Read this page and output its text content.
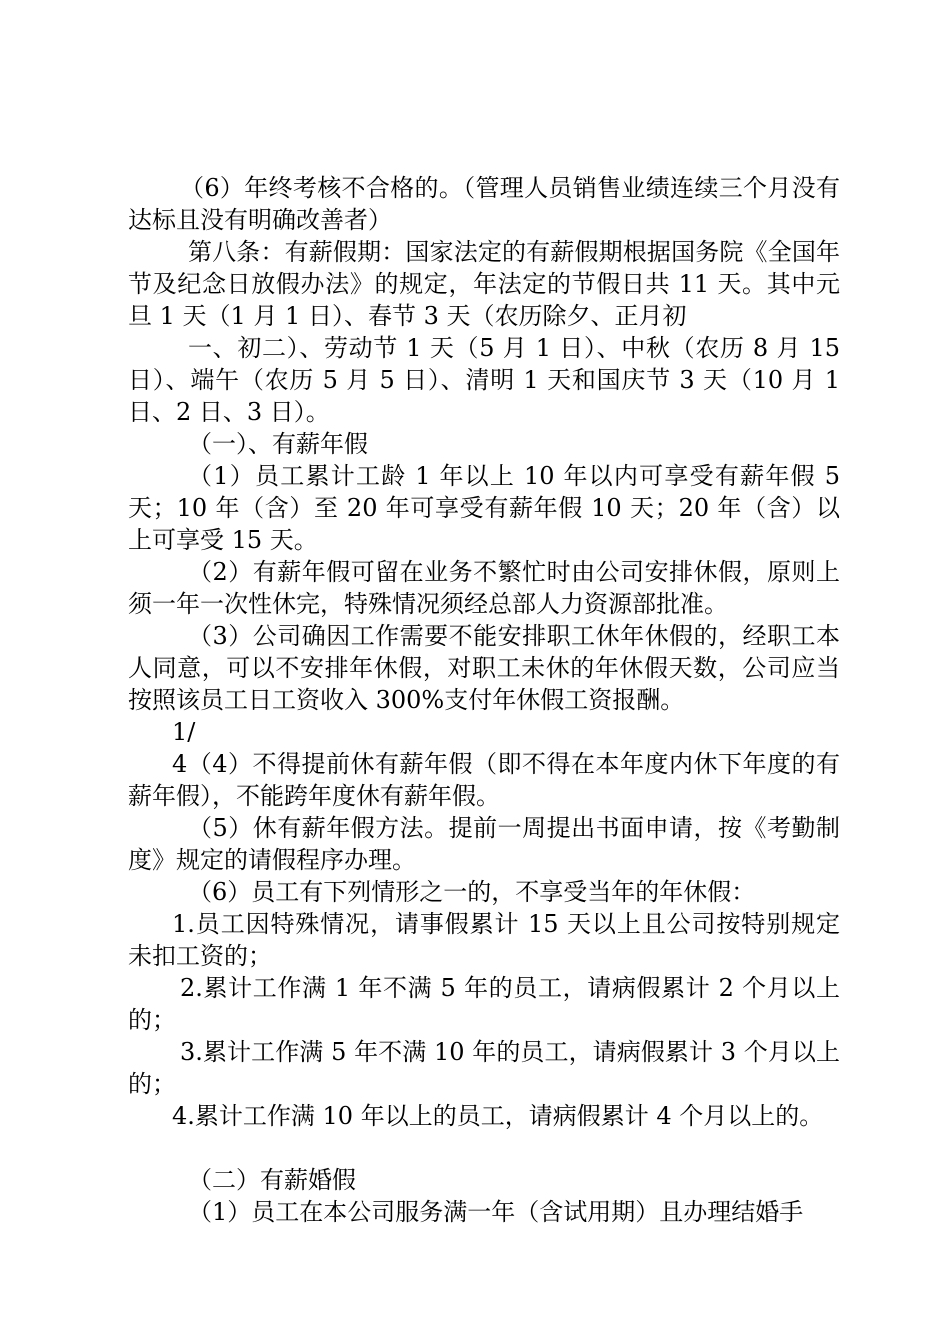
（6）年终考核不合格的。（管理人员销售业绩连续三个月没有达标且没有明确改善者）

第八条：有薪假期：国家法定的有薪假期根据国务院《全国年节及纪念日放假办法》的规定，年法定的节假日共 11 天。其中元旦 1 天（1 月 1 日）、春节 3 天（农历除夕、正月初

一、初二）、劳动节 1 天（5 月 1 日）、中秋（农历 8 月 15 日）、端午（农历 5 月 5 日）、清明 1 天和国庆节 3 天（10 月 1 日、2 日、3 日）。

（一）、有薪年假

（1）员工累计工龄 1 年以上 10 年以内可享受有薪年假 5 天；10 年（含）至 20 年可享受有薪年假 10 天；20 年（含）以上可享受 15 天。

（2）有薪年假可留在业务不繁忙时由公司安排休假，原则上须一年一次性休完，特殊情况须经总部人力资源部批准。

（3）公司确因工作需要不能安排职工休年休假的，经职工本人同意，可以不安排年休假，对职工未休的年休假天数，公司应当按照该员工日工资收入 300%支付年休假工资报酬。

1/

4（4）不得提前休有薪年假（即不得在本年度内休下年度的有薪年假），不能跨年度休有薪年假。

（5）休有薪年假方法。提前一周提出书面申请，按《考勤制度》规定的请假程序办理。

（6）员工有下列情形之一的，不享受当年的年休假：

1.员工因特殊情况，请事假累计 15 天以上且公司按特别规定未扣工资的；

2.累计工作满 1 年不满 5 年的员工，请病假累计 2 个月以上的；

3.累计工作满 5 年不满 10 年的员工，请病假累计 3 个月以上的；

4.累计工作满 10 年以上的员工，请病假累计 4 个月以上的。

（二）有薪婚假

（1）员工在本公司服务满一年（含试用期）且办理结婚手
